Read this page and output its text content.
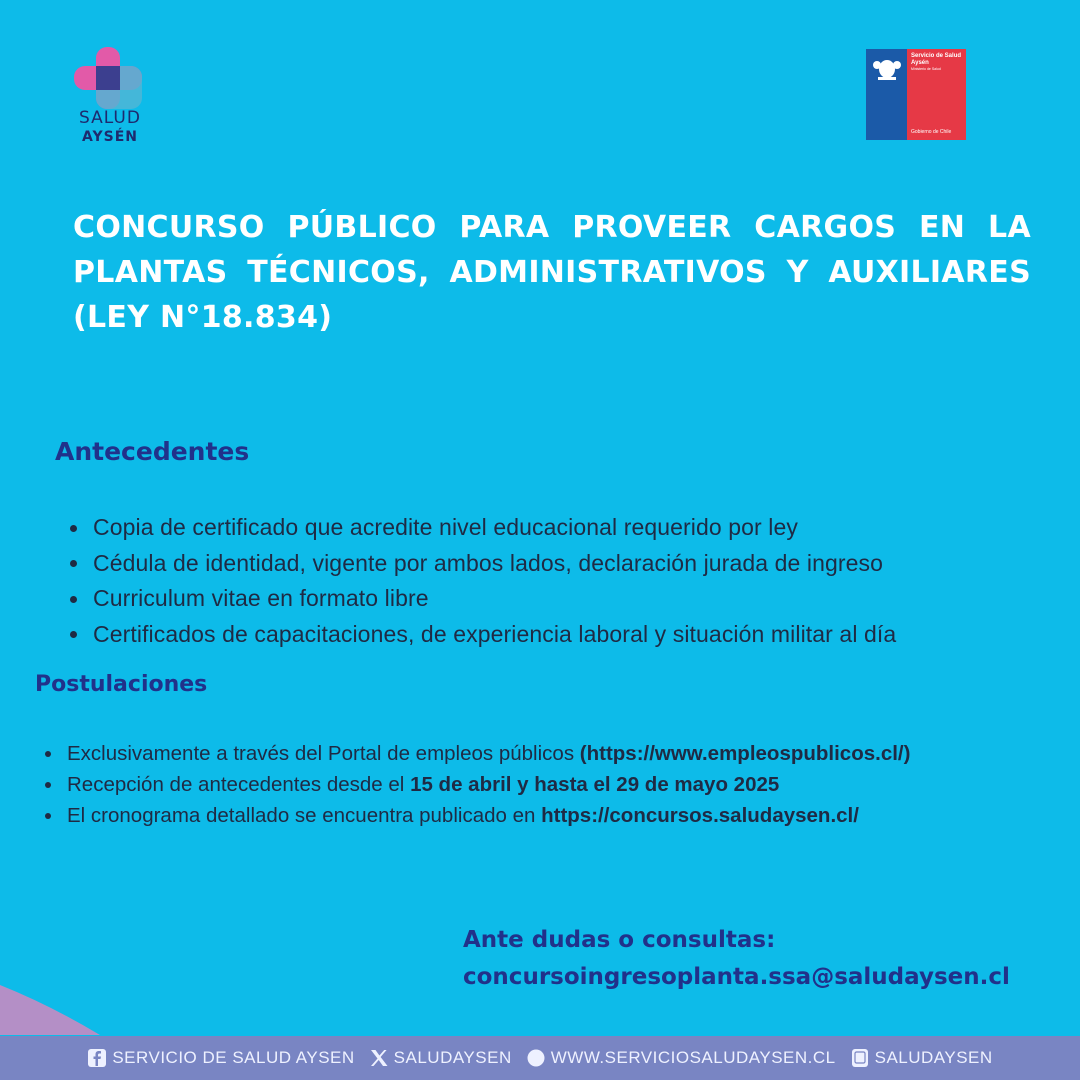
SALUD
AYSÉN
Servicio de Salud Aysén
Ministerio de Salud
Gobierno de Chile
CONCURSO PÚBLICO PARA PROVEER CARGOS EN LA PLANTAS TÉCNICOS, ADMINISTRATIVOS Y AUXILIARES (LEY N°18.834)
Antecedentes
Copia de certificado que acredite nivel educacional requerido por ley
Cédula de identidad, vigente por ambos lados, declaración jurada de ingreso
Curriculum vitae en formato libre
Certificados de capacitaciones, de experiencia laboral y situación militar al día
Postulaciones
Exclusivamente a través del Portal de empleos públicos (https://www.empleospublicos.cl/)
Recepción de antecedentes desde el 15 de abril y hasta el 29 de mayo 2025
El cronograma detallado se encuentra publicado en https://concursos.saludaysen.cl/
Ante dudas o consultas:
concursoingresoplanta.ssa@saludaysen.cl
SERVICIO DE SALUD AYSEN SALUDAYSEN WWW.SERVICIOSALUDAYSEN.CL SALUDAYSEN
